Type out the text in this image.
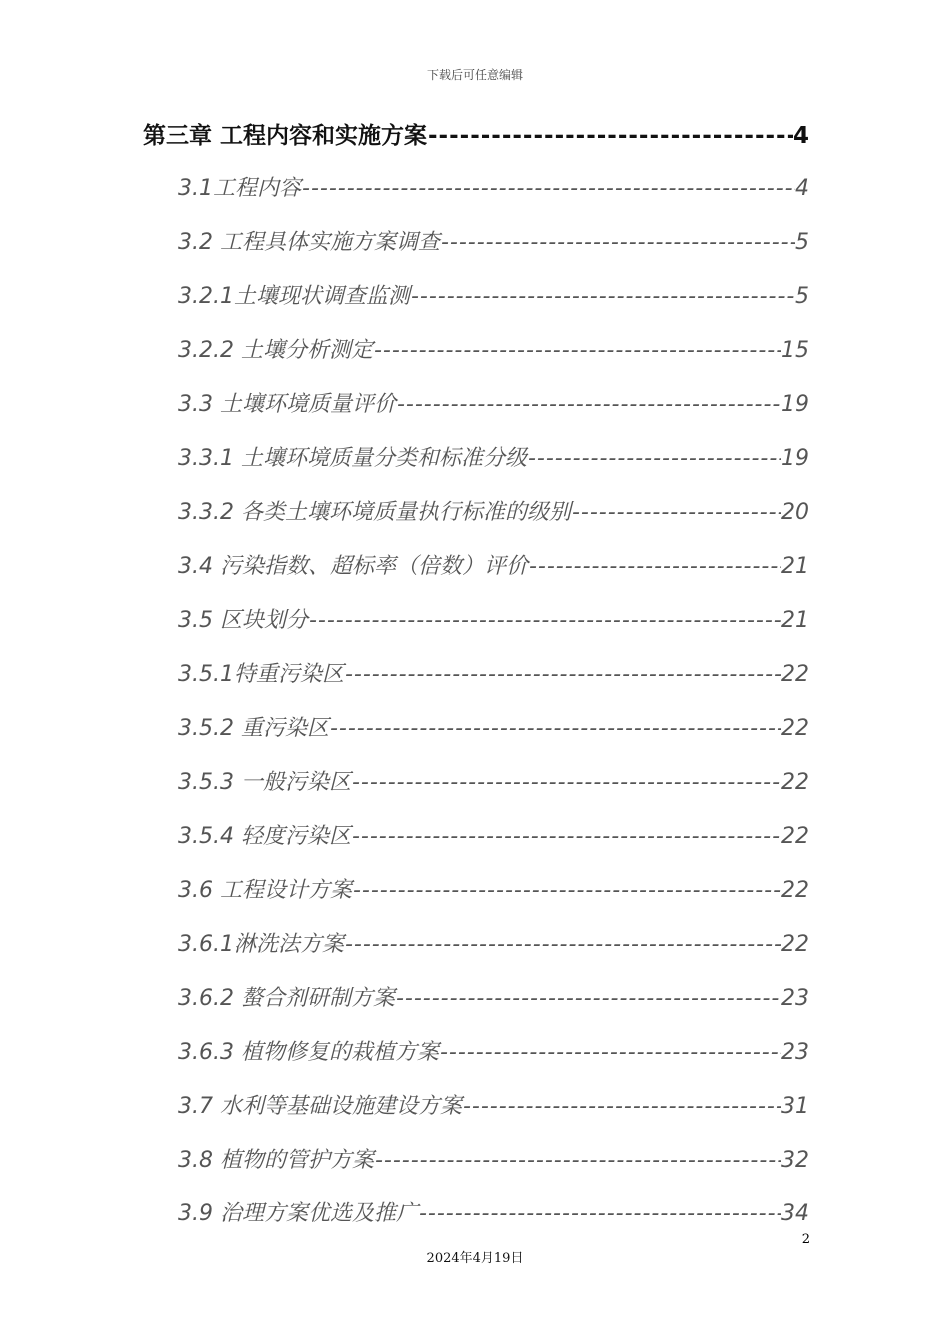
下载后可任意编辑
第三章 工程内容和实施方案 -----	4
3.1工程内容 -----	4
3.2 工程具体实施方案调查 -----	5
3.2.1土壤现状调查监测 -----	5
3.2.2 土壤分析测定 -----	15
3.3 土壤环境质量评价 -----	19
3.3.1 土壤环境质量分类和标准分级 -----	19
3.3.2 各类土壤环境质量执行标准的级别 -----	20
3.4 污染指数、超标率（倍数）评价 -----	21
3.5 区块划分 -----	21
3.5.1特重污染区 -----	22
3.5.2 重污染区 -----	22
3.5.3 一般污染区 -----	22
3.5.4 轻度污染区 -----	22
3.6 工程设计方案 -----	22
3.6.1淋洗法方案 -----	22
3.6.2 螯合剂研制方案 -----	23
3.6.3 植物修复的栽植方案 -----	23
3.7 水利等基础设施建设方案 -----	31
3.8 植物的管护方案 -----	32
3.9 治理方案优选及推广 -----	34
2
2024年4月19日
